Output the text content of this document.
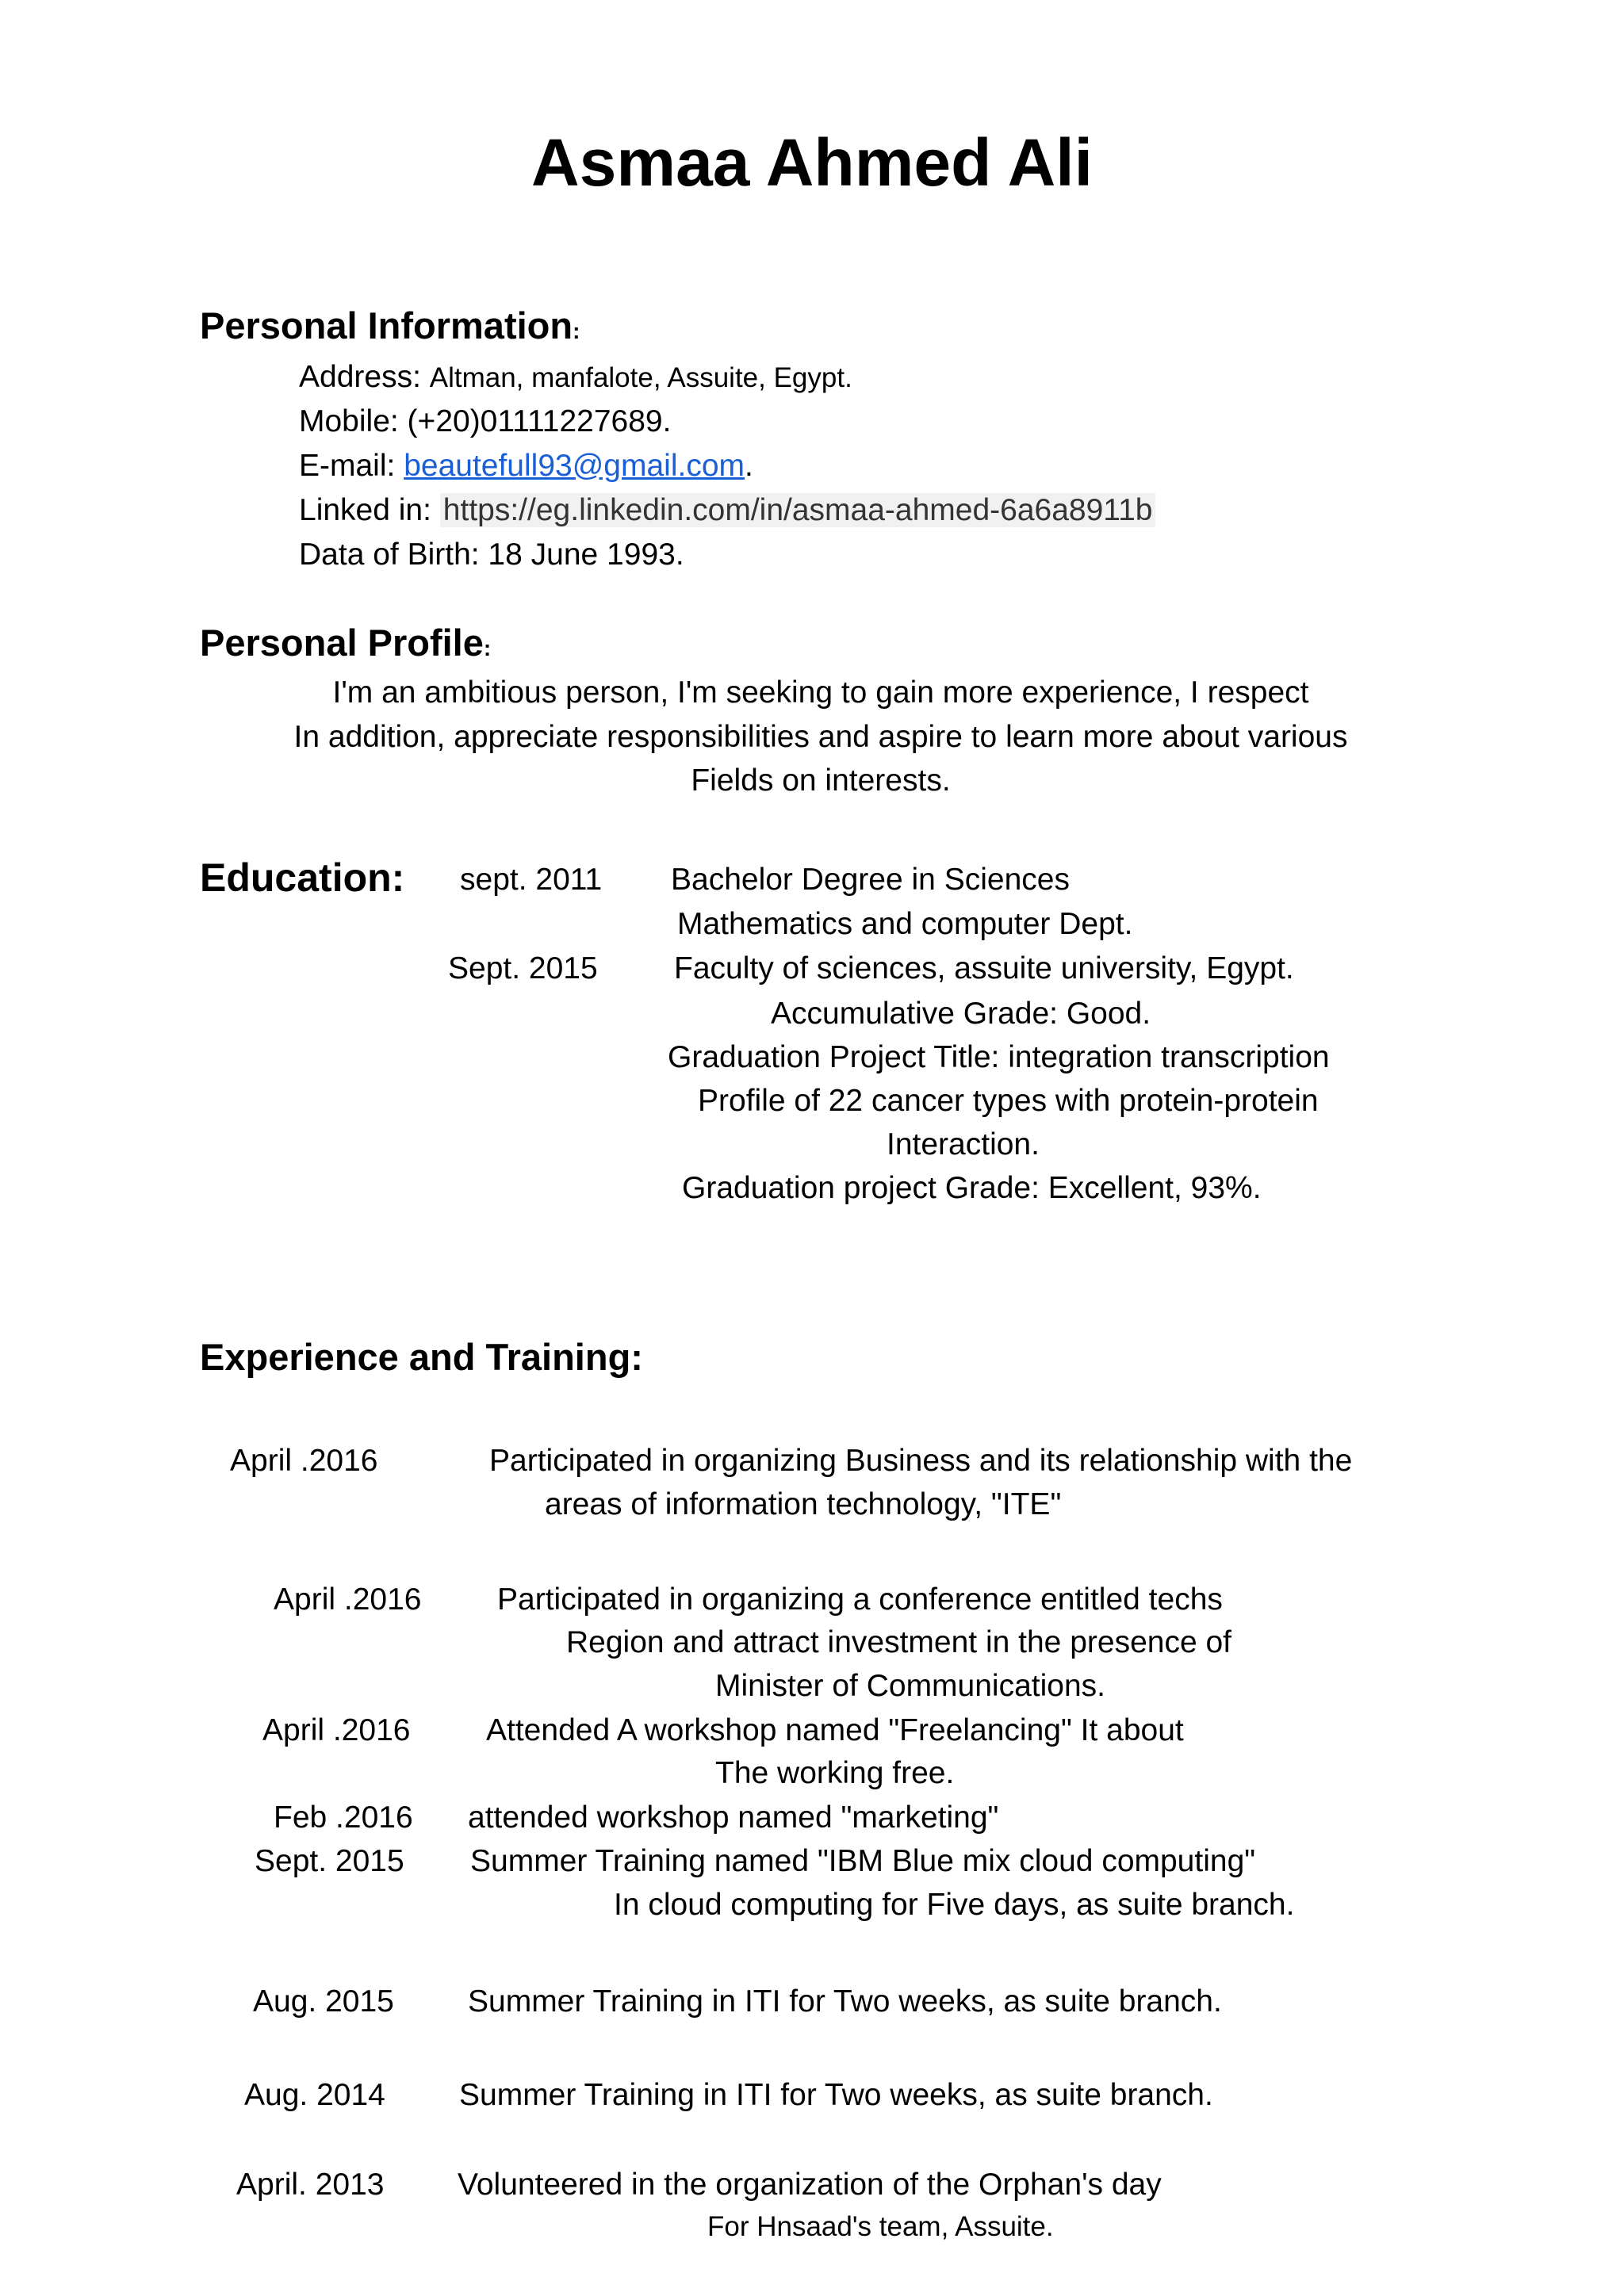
Asmaa Ahmed Ali
Personal Information:
Address: Altman, manfalote, Assuite, Egypt.
Mobile: (+20)01111227689.
E-mail: beautefull93@gmail.com.
Linked in: https://eg.linkedin.com/in/asmaa-ahmed-6a6a8911b
Data of Birth: 18 June 1993.
Personal Profile:
I'm an ambitious person, I'm seeking to gain more experience, I respect
In addition, appreciate responsibilities and aspire to learn more about various
Fields on interests.
Education: sept. 2011
Sept. 2015
Bachelor Degree in Sciences
Mathematics and computer Dept.
Faculty of sciences, assuite university, Egypt.
Accumulative Grade: Good.
Graduation Project Title: integration transcription
Profile of 22 cancer types with protein-protein
Interaction.
Graduation project Grade: Excellent, 93%.
Experience and Training:
April .2016	Participated in organizing Business and its relationship with the
areas of information technology, "ITE"
April .2016 Participated in organizing a conference entitled techs
Region and attract investment in the presence of
Minister of Communications.
April .2016 Attended A workshop named "Freelancing" It about
The working free.
Feb .2016 attended workshop named "marketing"
Sept. 2015 Summer Training named "IBM Blue mix cloud computing"
In cloud computing for Five days, as suite branch.
Aug. 2015 Summer Training in ITI for Two weeks, as suite branch.
Aug. 2014 Summer Training in ITI for Two weeks, as suite branch.
April. 2013 Volunteered in the organization of the Orphan's day
For Hnsaad's team, Assuite.
